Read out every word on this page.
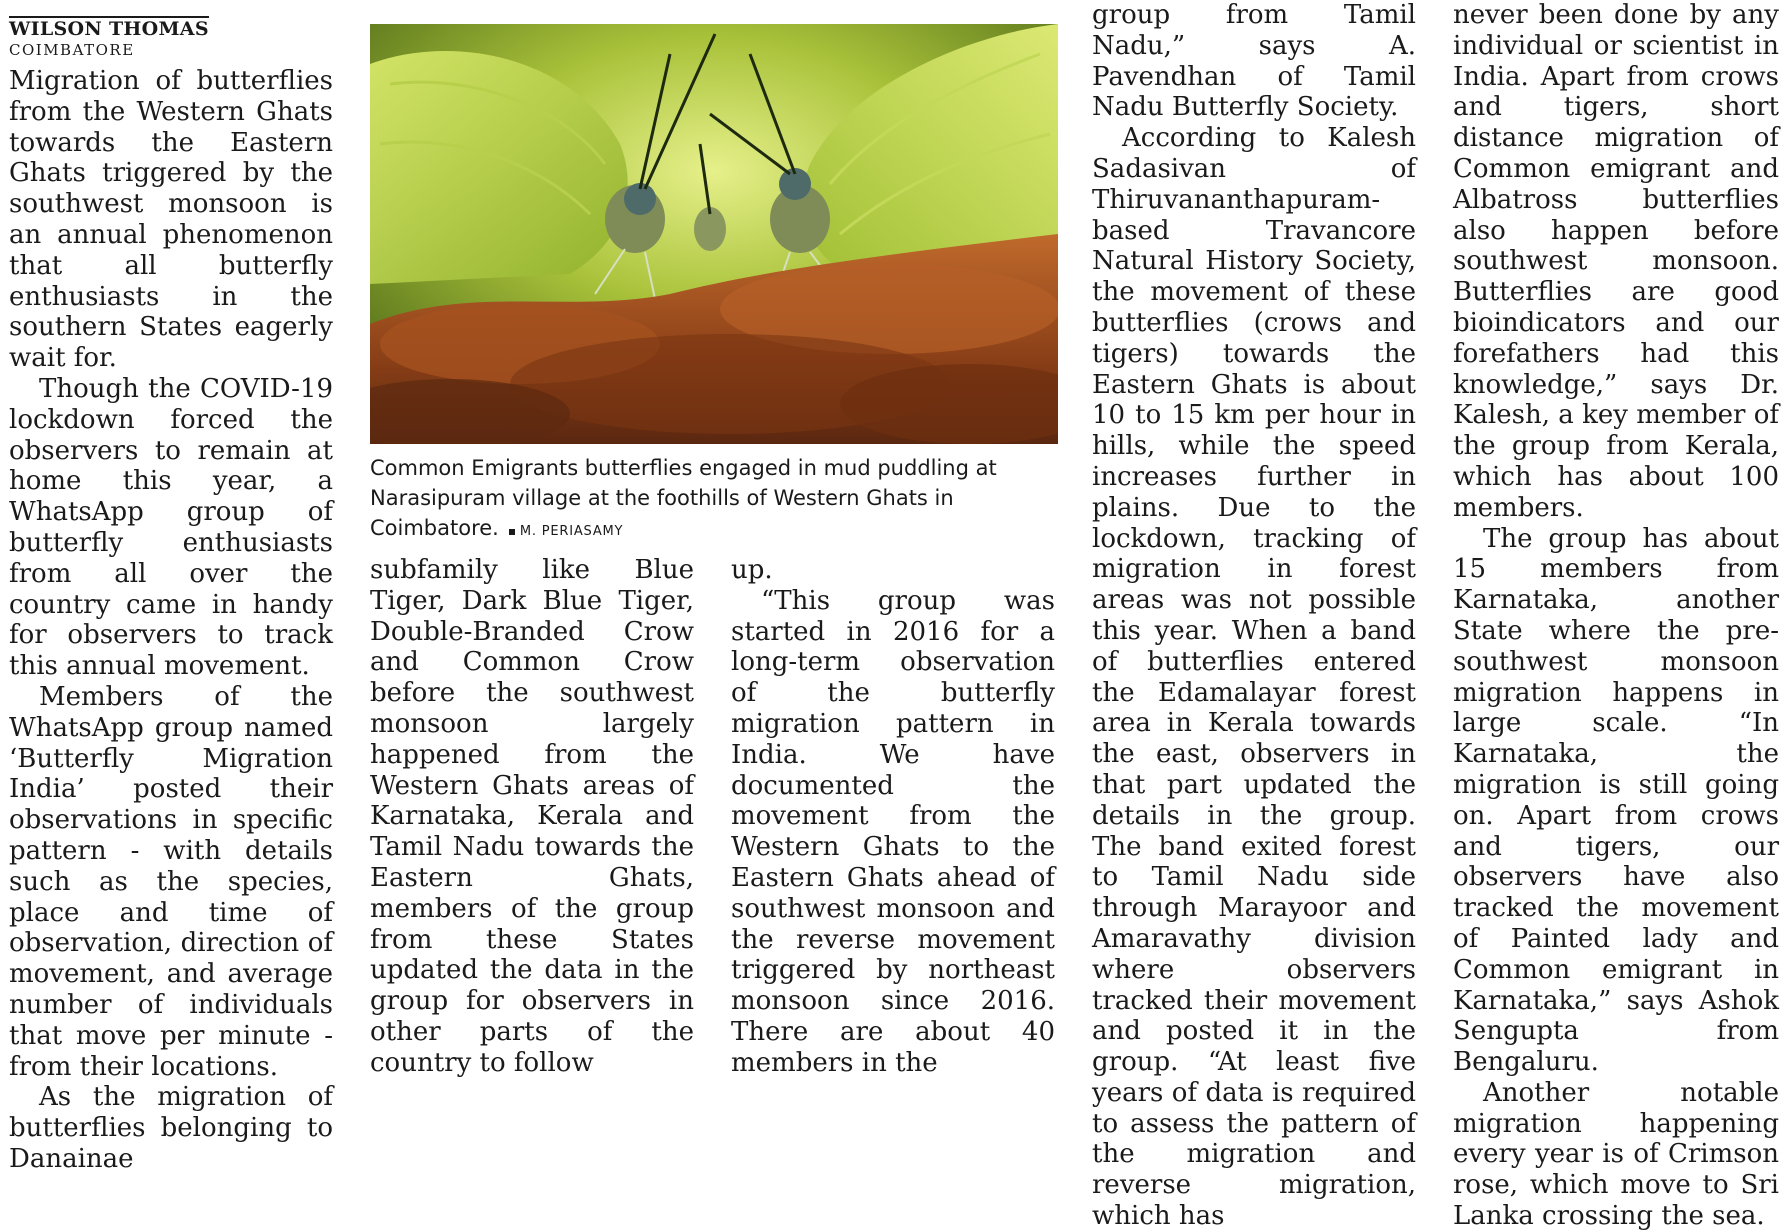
WILSON THOMAS
COIMBATORE

Migration of butterflies from the Western Ghats towards the Eastern Ghats triggered by the southwest monsoon is an annual phenomenon that all butterfly enthusiasts in the southern States eagerly wait for.

Though the COVID-19 lockdown forced the observers to remain at home this year, a WhatsApp group of butterfly enthusiasts from all over the country came in handy for observers to track this annual movement.

Members of the WhatsApp group named ‘Butterfly Migration India’ posted their observations in specific pattern - with details such as the species, place and time of observation, direction of movement, and average number of individuals that move per minute - from their locations.

As the migration of butterflies belonging to Danainae

Common Emigrants butterflies engaged in mud puddling at Narasipuram village at the foothills of Western Ghats in Coimbatore. M. PERIASAMY

subfamily like Blue Tiger, Dark Blue Tiger, Double-Branded Crow and Common Crow before the southwest monsoon largely happened from the Western Ghats areas of Karnataka, Kerala and Tamil Nadu towards the Eastern Ghats, members of the group from these States updated the data in the group for observers in other parts of the country to follow

up.

“This group was started in 2016 for a long-term observation of the butterfly migration pattern in India. We have documented the movement from the Western Ghats to the Eastern Ghats ahead of southwest monsoon and the reverse movement triggered by northeast monsoon since 2016. There are about 40 members in the

group from Tamil Nadu,” says A. Pavendhan of Tamil Nadu Butterfly Society.

According to Kalesh Sadasivan of Thiruvananthapuram-based Travancore Natural History Society, the movement of these butterflies (crows and tigers) towards the Eastern Ghats is about 10 to 15 km per hour in hills, while the speed increases further in plains. Due to the lockdown, tracking of migration in forest areas was not possible this year. When a band of butterflies entered the Edamalayar forest area in Kerala towards the east, observers in that part updated the details in the group. The band exited forest to Tamil Nadu side through Marayoor and Amaravathy division where observers tracked their movement and posted it in the group. “At least five years of data is required to assess the pattern of the migration and reverse migration, which has

never been done by any individual or scientist in India. Apart from crows and tigers, short distance migration of Common emigrant and Albatross butterflies also happen before southwest monsoon. Butterflies are good bioindicators and our forefathers had this knowledge,” says Dr. Kalesh, a key member of the group from Kerala, which has about 100 members.

The group has about 15 members from Karnataka, another State where the pre-southwest monsoon migration happens in large scale. “In Karnataka, the migration is still going on. Apart from crows and tigers, our observers have also tracked the movement of Painted lady and Common emigrant in Karnataka,” says Ashok Sengupta from Bengaluru.

Another notable migration happening every year is of Crimson rose, which move to Sri Lanka crossing the sea.
